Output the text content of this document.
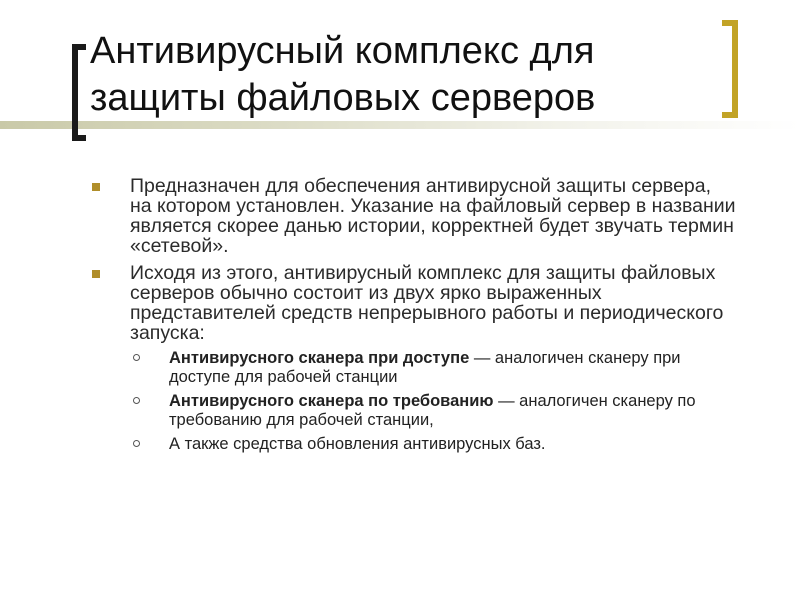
Антивирусный комплекс для
защиты файловых серверов
Предназначен для обеспечения антивирусной защиты сервера, на котором установлен. Указание на файловый сервер в названии является скорее данью истории, корректней будет звучать термин «сетевой».
Исходя из этого, антивирусный комплекс для защиты файловых серверов обычно состоит из двух ярко выраженных представителей средств непрерывного работы и периодического запуска:
Антивирусного сканера при доступе — аналогичен сканеру при доступе для рабочей станции
Антивирусного сканера по требованию — аналогичен сканеру по требованию для рабочей станции,
А также средства обновления антивирусных баз.
